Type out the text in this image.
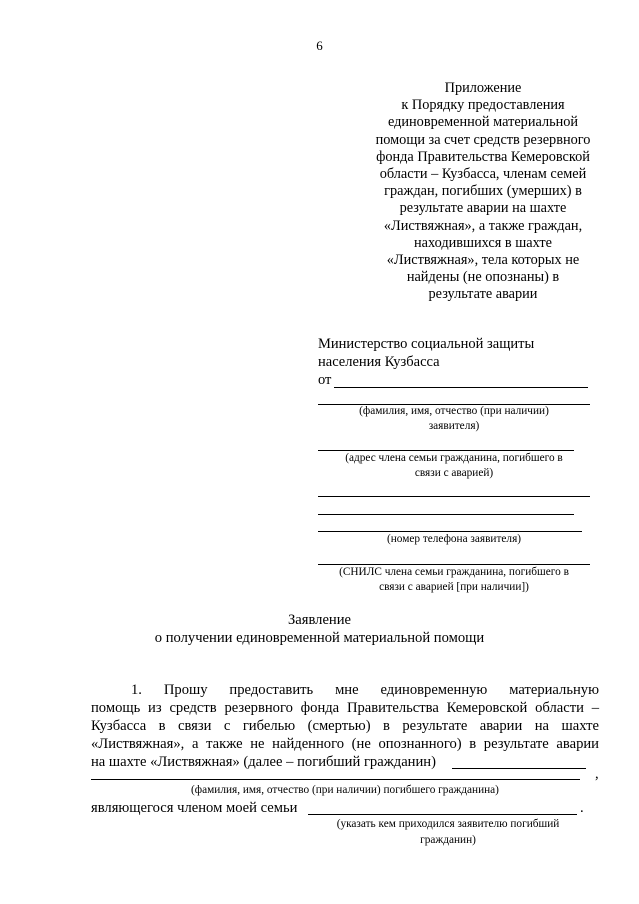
6
Приложение
к Порядку предоставления
единовременной материальной
помощи за счет средств резервного
фонда Правительства Кемеровской
области – Кузбасса, членам семей
граждан, погибших (умерших) в
результате аварии на шахте
«Листвяжная», а также граждан,
находившихся в шахте
«Листвяжная», тела которых не
найдены (не опознаны) в
результате аварии
Министерство социальной защиты
населения Кузбасса
от
(фамилия, имя, отчество (при наличии)
заявителя)
(адрес члена семьи гражданина, погибшего в
связи с аварией)
(номер телефона заявителя)
(СНИЛС члена семьи гражданина, погибшего в
связи с аварией [при наличии])
Заявление
о получении единовременной материальной помощи
1. Прошу предоставить мне единовременную материальную
помощь из средств резервного фонда Правительства Кемеровской области –
Кузбасса в связи с гибелью (смертью) в результате аварии на шахте
«Листвяжная», а также не найденного (не опознанного) в результате аварии
на шахте «Листвяжная» (далее – погибший гражданин)
,
(фамилия, имя, отчество (при наличии) погибшего гражданина)
являющегося членом моей семьи	.
(указать кем приходился заявителю погибший
гражданин)
